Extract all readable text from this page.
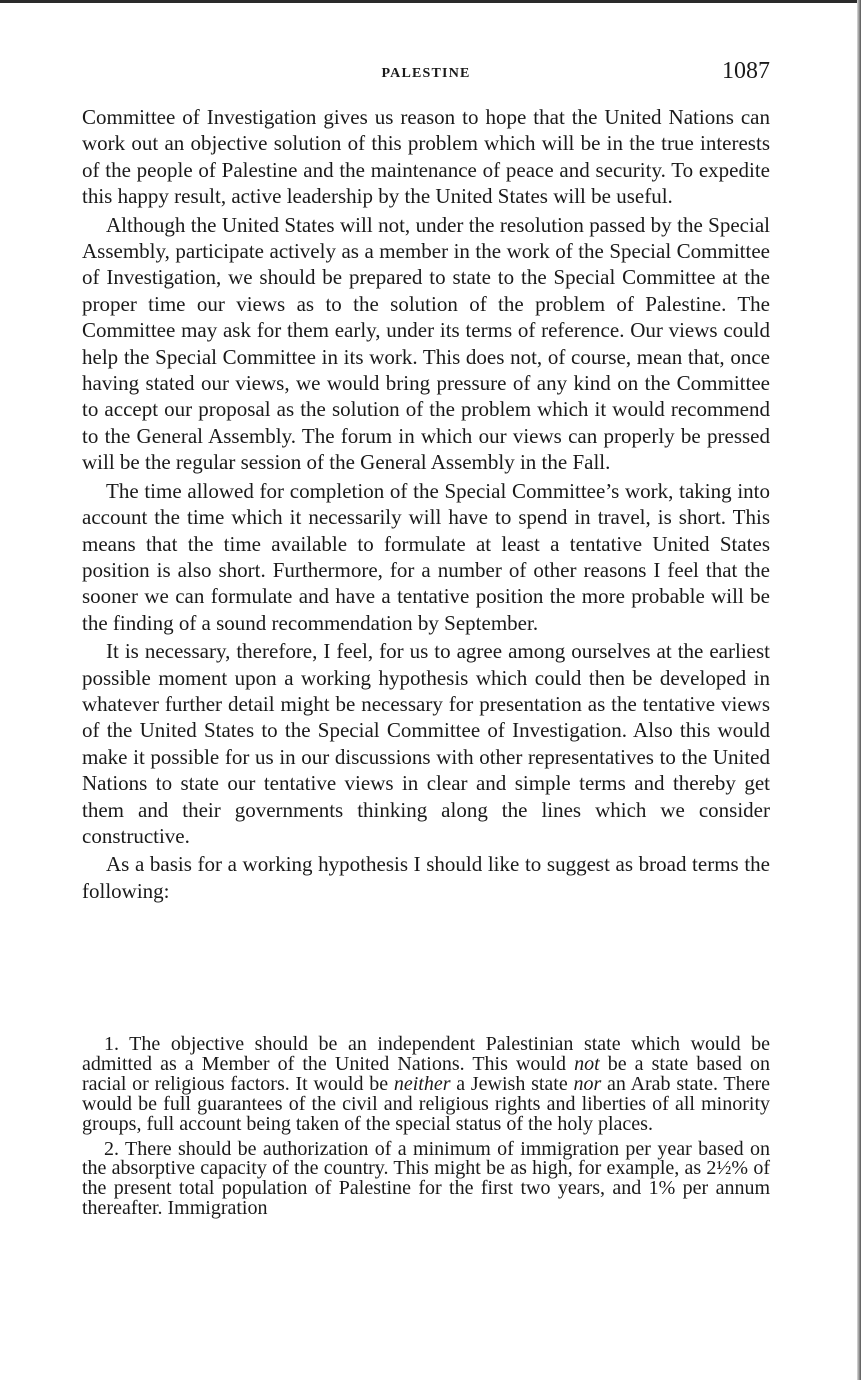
PALESTINE	1087

Committee of Investigation gives us reason to hope that the United Nations can work out an objective solution of this problem which will be in the true interests of the people of Palestine and the maintenance of peace and security. To expedite this happy result, active leadership by the United States will be useful.

Although the United States will not, under the resolution passed by the Special Assembly, participate actively as a member in the work of the Special Committee of Investigation, we should be prepared to state to the Special Committee at the proper time our views as to the solution of the problem of Palestine. The Committee may ask for them early, under its terms of reference. Our views could help the Special Committee in its work. This does not, of course, mean that, once having stated our views, we would bring pressure of any kind on the Committee to accept our proposal as the solution of the problem which it would recommend to the General Assembly. The forum in which our views can properly be pressed will be the regular session of the General Assembly in the Fall.

The time allowed for completion of the Special Committee’s work, taking into account the time which it necessarily will have to spend in travel, is short. This means that the time available to formulate at least a tentative United States position is also short. Furthermore, for a number of other reasons I feel that the sooner we can formulate and have a tentative position the more probable will be the finding of a sound recommendation by September.

It is necessary, therefore, I feel, for us to agree among ourselves at the earliest possible moment upon a working hypothesis which could then be developed in whatever further detail might be necessary for presentation as the tentative views of the United States to the Special Committee of Investigation. Also this would make it possible for us in our discussions with other representatives to the United Nations to state our tentative views in clear and simple terms and thereby get them and their governments thinking along the lines which we consider constructive.

As a basis for a working hypothesis I should like to suggest as broad terms the following:

1. The objective should be an independent Palestinian state which would be admitted as a Member of the United Nations. This would not be a state based on racial or religious factors. It would be neither a Jewish state nor an Arab state. There would be full guarantees of the civil and religious rights and liberties of all minority groups, full account being taken of the special status of the holy places.

2. There should be authorization of a minimum of immigration per year based on the absorptive capacity of the country. This might be as high, for example, as 2½% of the present total population of Palestine for the first two years, and 1% per annum thereafter. Immigration
